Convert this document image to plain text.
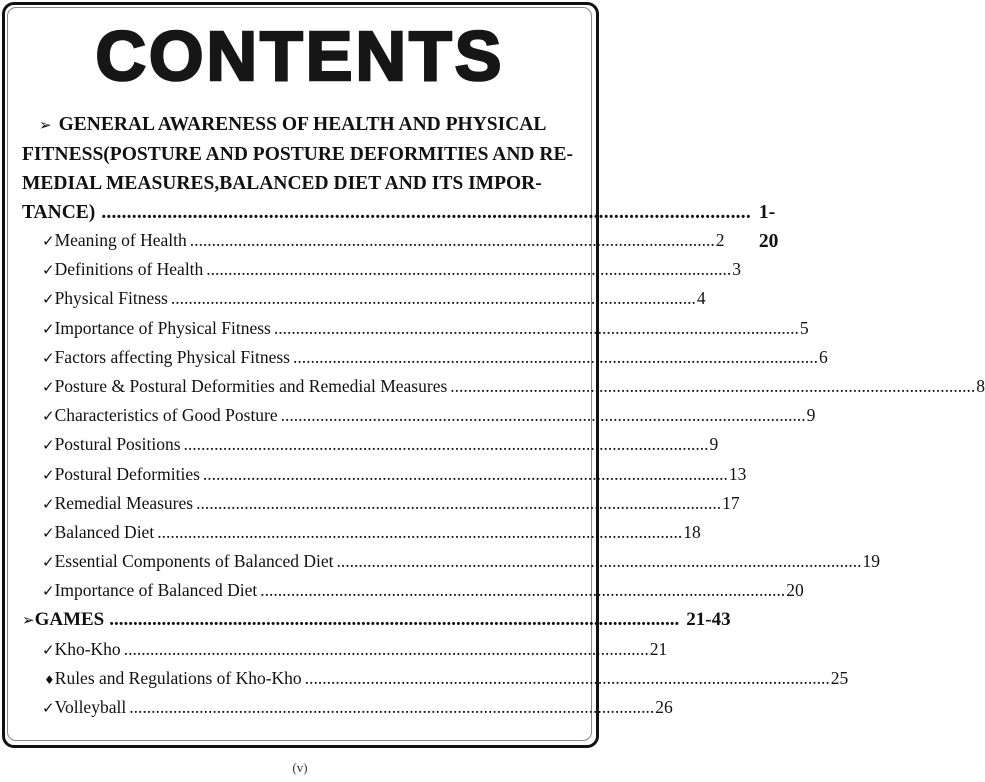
CONTENTS
➢ GENERAL AWARENESS OF HEALTH AND PHYSICAL
FITNESS(POSTURE AND POSTURE DEFORMITIES AND RE-
MEDIAL MEASURES,BALANCED DIET AND ITS IMPOR-
TANCE) ................................................................................................................................ 1-20
✓ Meaning of Health ........................................................................................................................ 2
✓ Definitions of Health ........................................................................................................................ 3
✓ Physical Fitness ........................................................................................................................ 4
✓ Importance of Physical Fitness ........................................................................................................................ 5
✓ Factors affecting Physical Fitness ........................................................................................................................ 6
✓ Posture & Postural Deformities and Remedial Measures ........................................................................................................................ 8
✓ Characteristics of Good Posture ........................................................................................................................ 9
✓ Postural Positions ........................................................................................................................ 9
✓ Postural Deformities ........................................................................................................................ 13
✓ Remedial Measures ........................................................................................................................ 17
✓ Balanced Diet ........................................................................................................................ 18
✓ Essential Components of Balanced Diet ........................................................................................................................ 19
✓ Importance of Balanced Diet ........................................................................................................................ 20
➢ GAMES ........................................................................................................................ 21-43
✓ Kho-Kho ........................................................................................................................ 21
♦ Rules and Regulations of Kho-Kho ........................................................................................................................ 25
✓ Volleyball ........................................................................................................................ 26
(v)
